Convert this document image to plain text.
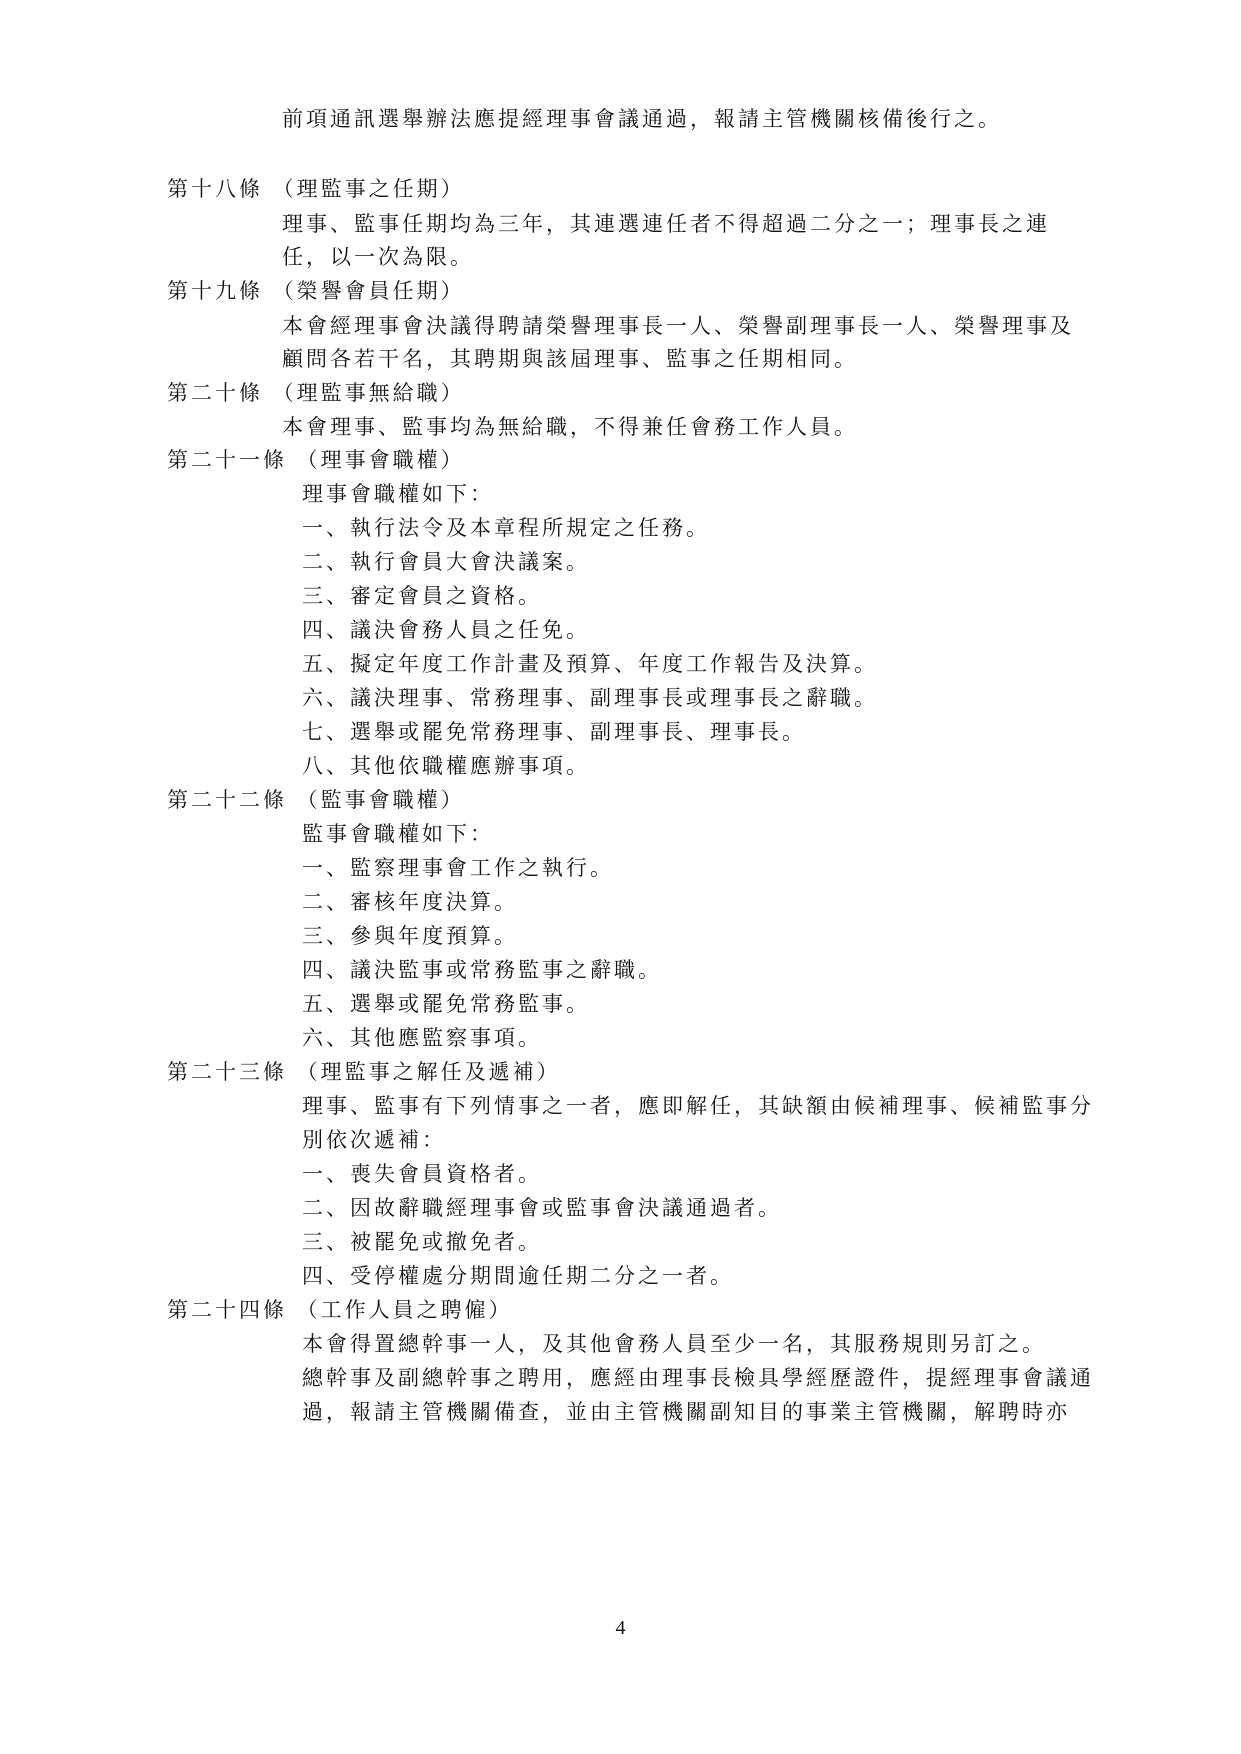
前項通訊選舉辦法應提經理事會議通過，報請主管機關核備後行之。
第十八條 （理監事之任期）
理事、監事任期均為三年，其連選連任者不得超過二分之一；理事長之連
任，以一次為限。
第十九條 （榮譽會員任期）
本會經理事會決議得聘請榮譽理事長一人、榮譽副理事長一人、榮譽理事及
顧問各若干名，其聘期與該屆理事、監事之任期相同。
第二十條 （理監事無給職）
本會理事、監事均為無給職，不得兼任會務工作人員。
第二十一條 （理事會職權）
理事會職權如下：
一、執行法令及本章程所規定之任務。
二、執行會員大會決議案。
三、審定會員之資格。
四、議決會務人員之任免。
五、擬定年度工作計畫及預算、年度工作報告及決算。
六、議決理事、常務理事、副理事長或理事長之辭職。
七、選舉或罷免常務理事、副理事長、理事長。
八、其他依職權應辦事項。
第二十二條 （監事會職權）
監事會職權如下：
一、監察理事會工作之執行。
二、審核年度決算。
三、參與年度預算。
四、議決監事或常務監事之辭職。
五、選舉或罷免常務監事。
六、其他應監察事項。
第二十三條 （理監事之解任及遞補）
理事、監事有下列情事之一者，應即解任，其缺額由候補理事、候補監事分
別依次遞補：
一、喪失會員資格者。
二、因故辭職經理事會或監事會決議通過者。
三、被罷免或撤免者。
四、受停權處分期間逾任期二分之一者。
第二十四條 （工作人員之聘僱）
本會得置總幹事一人，及其他會務人員至少一名，其服務規則另訂之。
總幹事及副總幹事之聘用，應經由理事長檢具學經歷證件，提經理事會議通
過，報請主管機關備查，並由主管機關副知目的事業主管機關，解聘時亦
4
